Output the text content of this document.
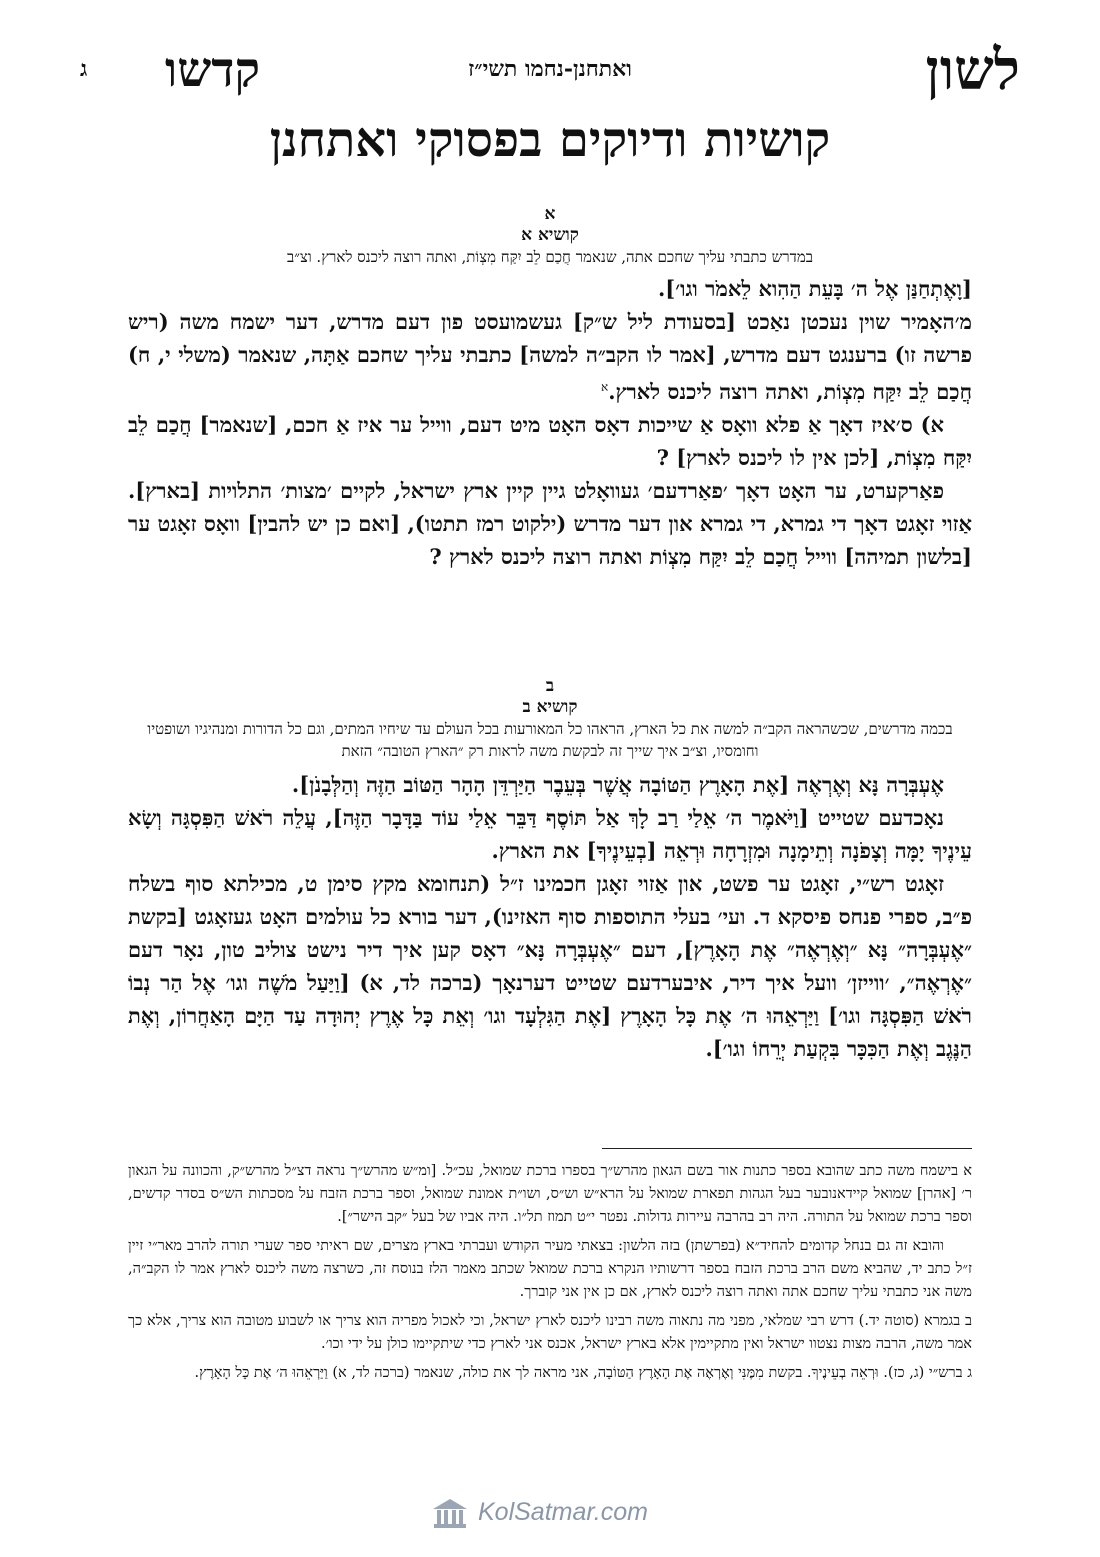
לשון
ואתחנן-נחמו תשי״ז
קדשו
ג
קושיות ודיוקים בפסוקי ואתחנן
א
קושיא א
במדרש כתבתי עליך שחכם אתה, שנאמר חֲכַם לֵב יִקַּח מִצְוֹת, ואתה רוצה ליכנס לארץ. וצ״ב

[וָאֶתְחַנַּן אֶל ה׳ בָּעֵת הַהִוא לֵאמֹר וגו׳].

מ׳האָמיר שוין נעכטן נאַכט [בסעודת ליל ש״ק] געשמועסט פון דעם מדרש, דער ישמח משה (ריש פרשה זו) ברענגט דעם מדרש, [אמר לו הקב״ה למשה] כתבתי עליך שחכם אַתָּה, שנאמר (משלי י, ח) חֲכַם לֵב יִקַּח מִצְוֹת, ואתה רוצה ליכנס לארץ.$^א$

א) ס׳איז דאָך אַ פלא וואָס אַ שייכות דאָס האָט מיט דעם, ווייל ער איז אַ חכם, [שנאמר] חֲכַם לֵב יִקַּח מִצְוֹת, [לכן אין לו ליכנס לארץ] ?

פאַרקערט, ער האָט דאָך ׳פאַרדעם׳ געוואָלט גיין קיין ארץ ישראל, לקיים ׳מצות׳ התלויות [בארץ]. אַזוי זאָגט דאָך די גמרא, די גמרא און דער מדרש (ילקוט רמז תתטו), [ואם כן יש להבין] וואָס זאָגט ער [בלשון תמיהה] ווייל חֲכַם לֵב יִקַּח מִצְוֹת ואתה רוצה ליכנס לארץ ?

ב
קושיא ב
בכמה מדרשים, שכשהראה הקב״ה למשה את כל הארץ, הראהו כל המאורעות בכל העולם עד שיחיו המתים, וגם כל הדורות ומנהיגיו ושופטיו וחומסיו, וצ״ב איך שייך זה לבקשת משה לראות רק ״הארץ הטובה״ הזאת

אֶעְבְּרָה נָּא וְאֶרְאֶה [אֶת הָאָרֶץ הַטּוֹבָה אֲשֶׁר בְּעֵבֶר הַיַּרְדֵּן הָהָר הַטּוֹב הַזֶּה וְהַלְּבָנֹן].

נאָכדעם שטייט [וַיֹּאמֶר ה׳ אֵלַי רַב לָךְ אַל תּוֹסֶף דַּבֵּר אֵלַי עוֹד בַּדָּבָר הַזֶּה], עֲלֵה רֹאשׁ הַפִּסְגָּה וְשָׂא עֵינֶיךָ יָמָּה וְצָפֹנָה וְתֵימָנָה וּמִזְרָחָה וּרְאֵה [בְעֵינֶיךָ] את הארץ.

זאָגט רש״י, זאָגט ער פשט, און אַזוי זאָגן חכמינו ז״ל (תנחומא מקץ סימן ט, מכילתא סוף בשלח פ״ב, ספרי פנחס פיסקא ד. ועי׳ בעלי התוספות סוף האזינו), דער בורא כל עולמים האָט געזאָגט [בקשת ״אֶעְבְּרָה״ נָּא ״וְאֶרְאֶה״ אֶת הָאָרֶץ], דעם ״אֶעְבְּרָה נָּא״ דאָס קען איך דיר נישט צוליב טון, נאָר דעם ״אֶרְאֶה״, ׳ווייזן׳ וועל איך דיר, איבערדעם שטייט דערנאָך (ברכה לד, א) [וַיַּעַל מֹשֶׁה וגו׳ אֶל הַר נְבוֹ רֹאשׁ הַפִּסְגָּה וגו׳] וַיַּרְאֵהוּ ה׳ אֶת כָּל הָאָרֶץ [אֶת הַגִּלְעָד וגו׳ וְאֵת כָּל אֶרֶץ יְהוּדָה עַד הַיָּם הָאַחֲרוֹן, וְאֶת הַנֶּגֶב וְאֶת הַכִּכָּר בִּקְעַת יְרֵחוֹ וגו׳].

א בישמח משה כתב שהובא בספר כתנות אור בשם הגאון מהרש״ך בספרו ברכת שמואל, עכ״ל. [ומ״ש מהרש״ך נראה דצ״ל מהרש״ק, והכוונה על הגאון ר׳ [אהרן] שמואל קיידאנובער בעל הגהות תפארת שמואל על הרא״ש וש״ס, ושו״ת אמונת שמואל, וספר ברכת הזבח על מסכתות הש״ס בסדר קדשים, וספר ברכת שמואל על התורה. היה רב בהרבה עיירות גדולות. נפטר י״ט תמוז תל״ו. היה אביו של בעל ״קב הישר״].

והובא זה גם בנחל קדומים להחיד״א (בפרשתן) בזה הלשון: בצאתי מעיר הקודש ועברתי בארץ מצרים, שם ראיתי ספר שערי תורה להרב מאר״י זיין ז״ל כתב יד, שהביא משם הרב ברכת הזבח בספר דרשותיו הנקרא ברכת שמואל שכתב מאמר הלז בנוסח זה, כשרצה משה ליכנס לארץ אמר לו הקב״ה, משה אני כתבתי עליך שחכם אתה ואתה רוצה ליכנס לארץ, אם כן אין אני קוברך.

ב בגמרא (סוטה יד.) דרש רבי שמלאי, מפני מה נתאוה משה רבינו ליכנס לארץ ישראל, וכי לאכול מפריה הוא צריך או לשבוע מטובה הוא צריך, אלא כך אמר משה, הרבה מצות נצטוו ישראל ואין מתקיימין אלא בארץ ישראל, אכנס אני לארץ כדי שיתקיימו כולן על ידי וכו׳.

ג ברש״י (ג, כז). וּרְאֵה בְעֵינֶיךָ. בקשת מִמֶּנִּי וְאֶרְאֶה אֶת הָאָרֶץ הַטּוֹבָה, אני מראה לך את כולה, שנאמר (ברכה לד, א) וַיַּרְאֵהוּ ה׳ אֶת כָּל הָאָרֶץ.

KolSatmar.com
